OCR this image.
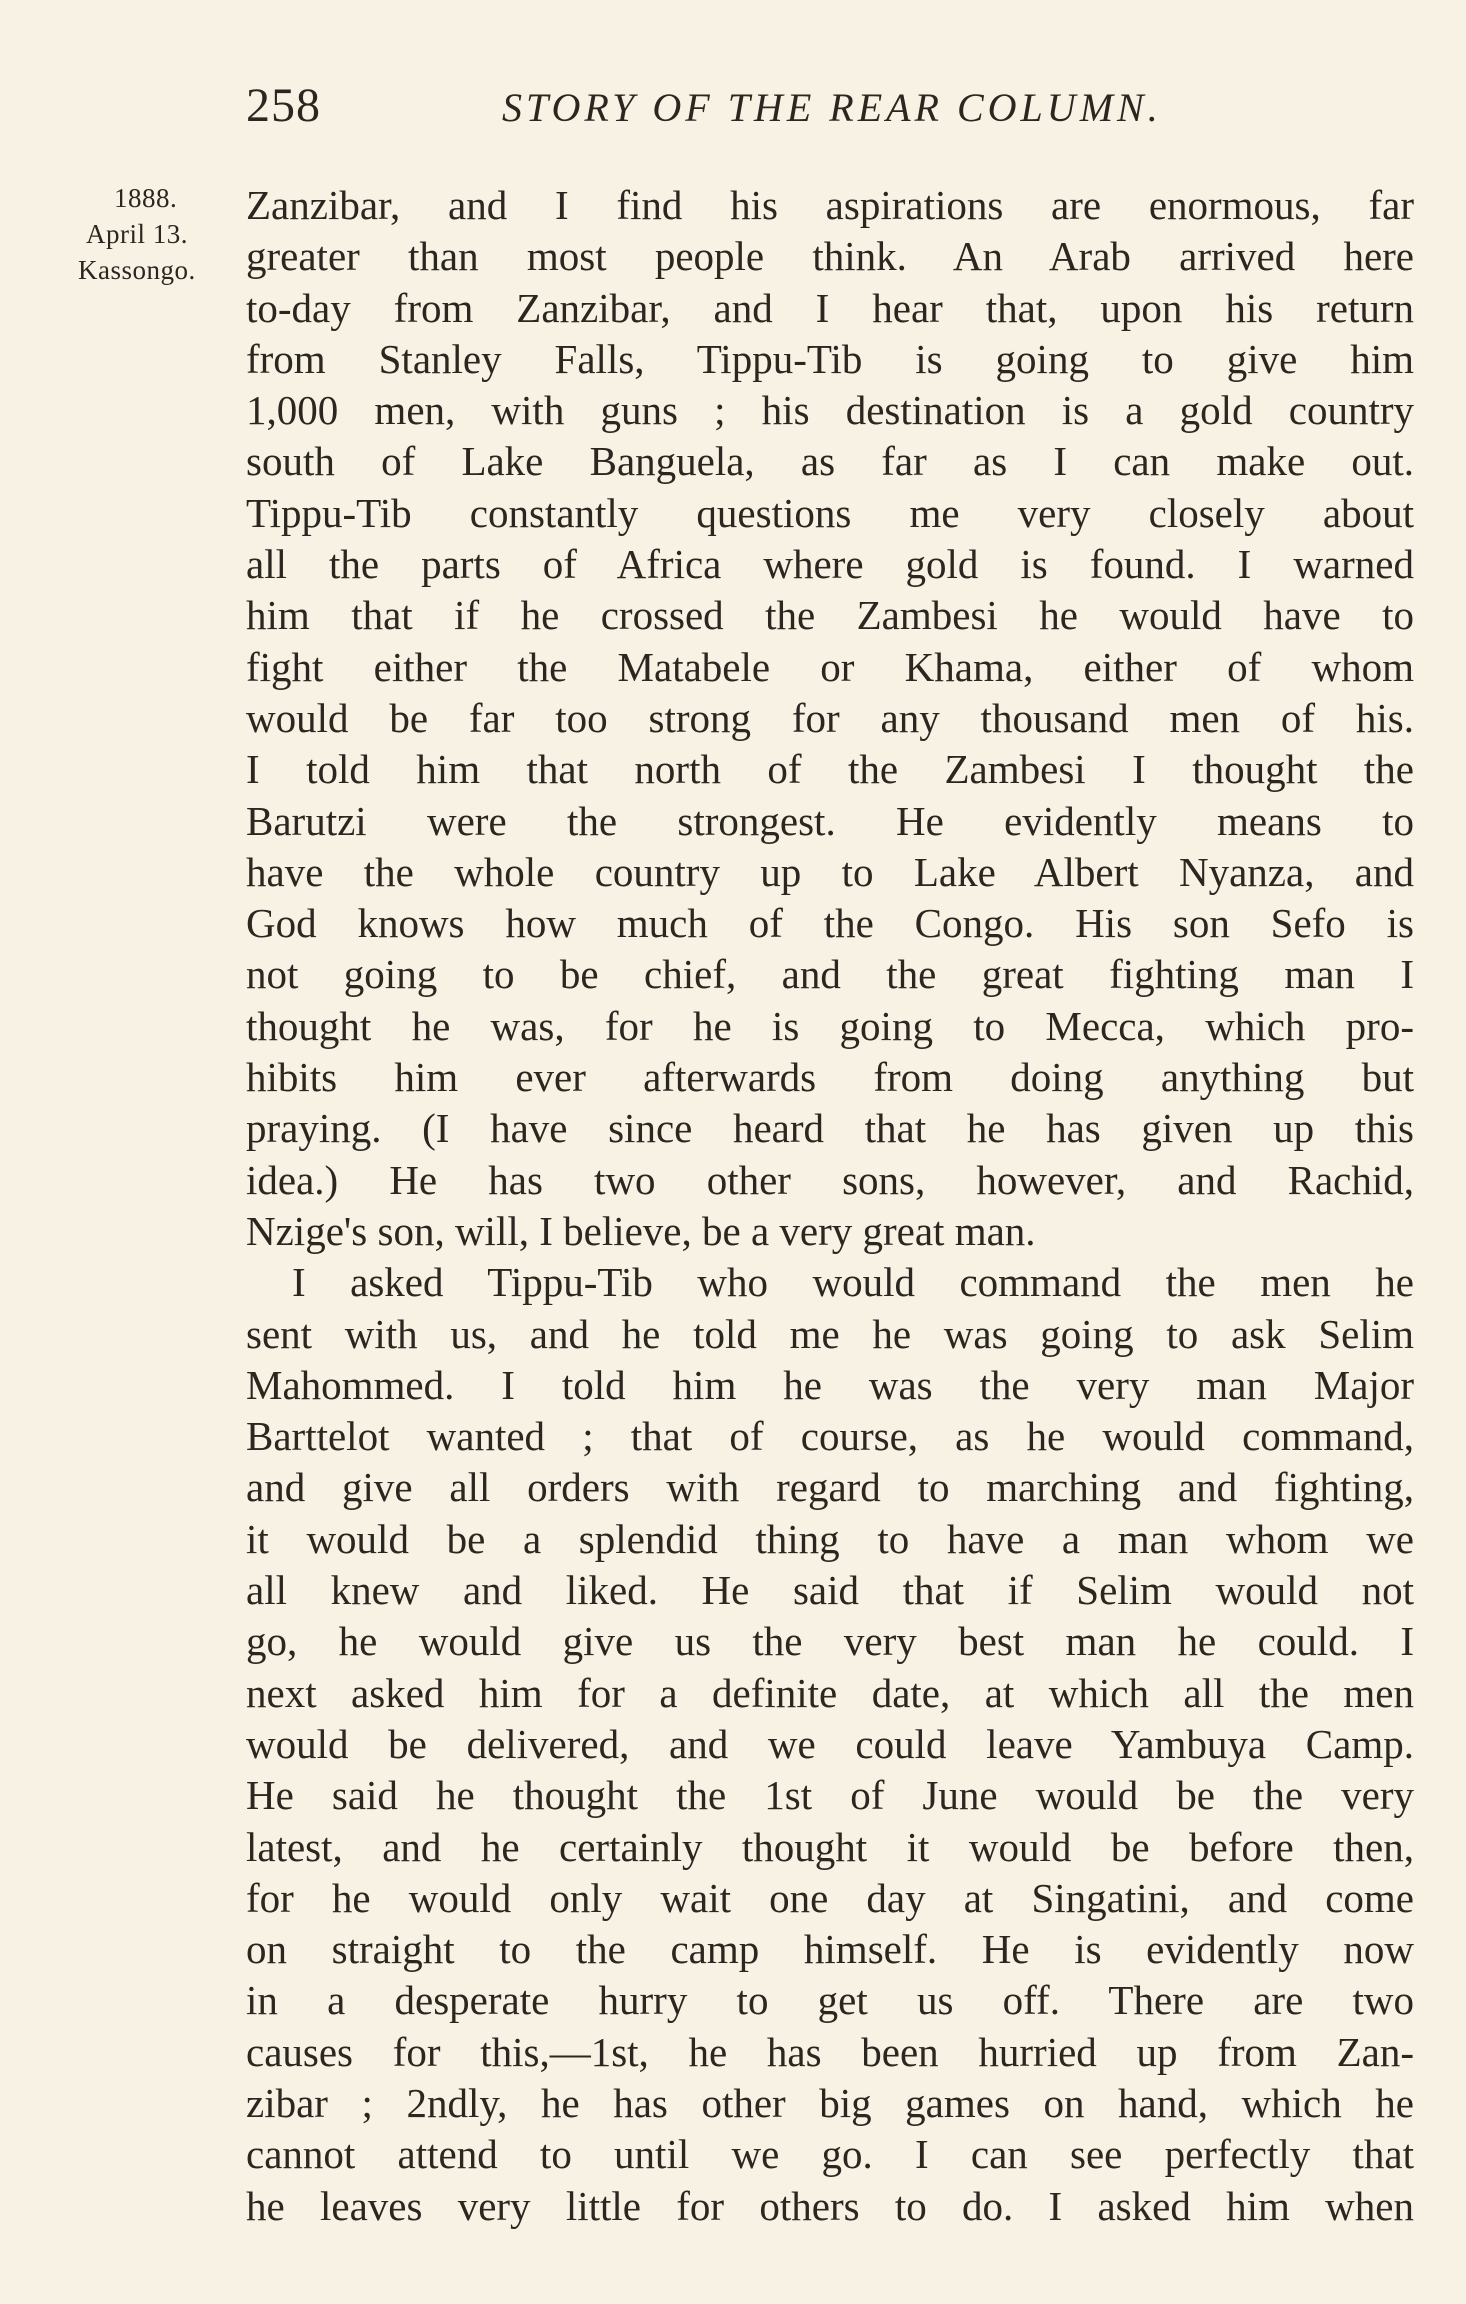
258	STORY OF THE REAR COLUMN.
1888.
April 13.
Kassongo.
Zanzibar, and I find his aspirations are enormous, far
greater than most people think. An Arab arrived here
to-day from Zanzibar, and I hear that, upon his return
from Stanley Falls, Tippu-Tib is going to give him
1,000 men, with guns ; his destination is a gold country
south of Lake Banguela, as far as I can make out.
Tippu-Tib constantly questions me very closely about
all the parts of Africa where gold is found. I warned
him that if he crossed the Zambesi he would have to
fight either the Matabele or Khama, either of whom
would be far too strong for any thousand men of his.
I told him that north of the Zambesi I thought the
Barutzi were the strongest. He evidently means to
have the whole country up to Lake Albert Nyanza, and
God knows how much of the Congo. His son Sefo is
not going to be chief, and the great fighting man I
thought he was, for he is going to Mecca, which pro-
hibits him ever afterwards from doing anything but
praying. (I have since heard that he has given up this
idea.) He has two other sons, however, and Rachid,
Nzige's son, will, I believe, be a very great man.
I asked Tippu-Tib who would command the men he
sent with us, and he told me he was going to ask Selim
Mahommed. I told him he was the very man Major
Barttelot wanted ; that of course, as he would command,
and give all orders with regard to marching and fighting,
it would be a splendid thing to have a man whom we
all knew and liked. He said that if Selim would not
go, he would give us the very best man he could. I
next asked him for a definite date, at which all the men
would be delivered, and we could leave Yambuya Camp.
He said he thought the 1st of June would be the very
latest, and he certainly thought it would be before then,
for he would only wait one day at Singatini, and come
on straight to the camp himself. He is evidently now
in a desperate hurry to get us off. There are two
causes for this,—1st, he has been hurried up from Zan-
zibar ; 2ndly, he has other big games on hand, which he
cannot attend to until we go. I can see perfectly that
he leaves very little for others to do. I asked him when
